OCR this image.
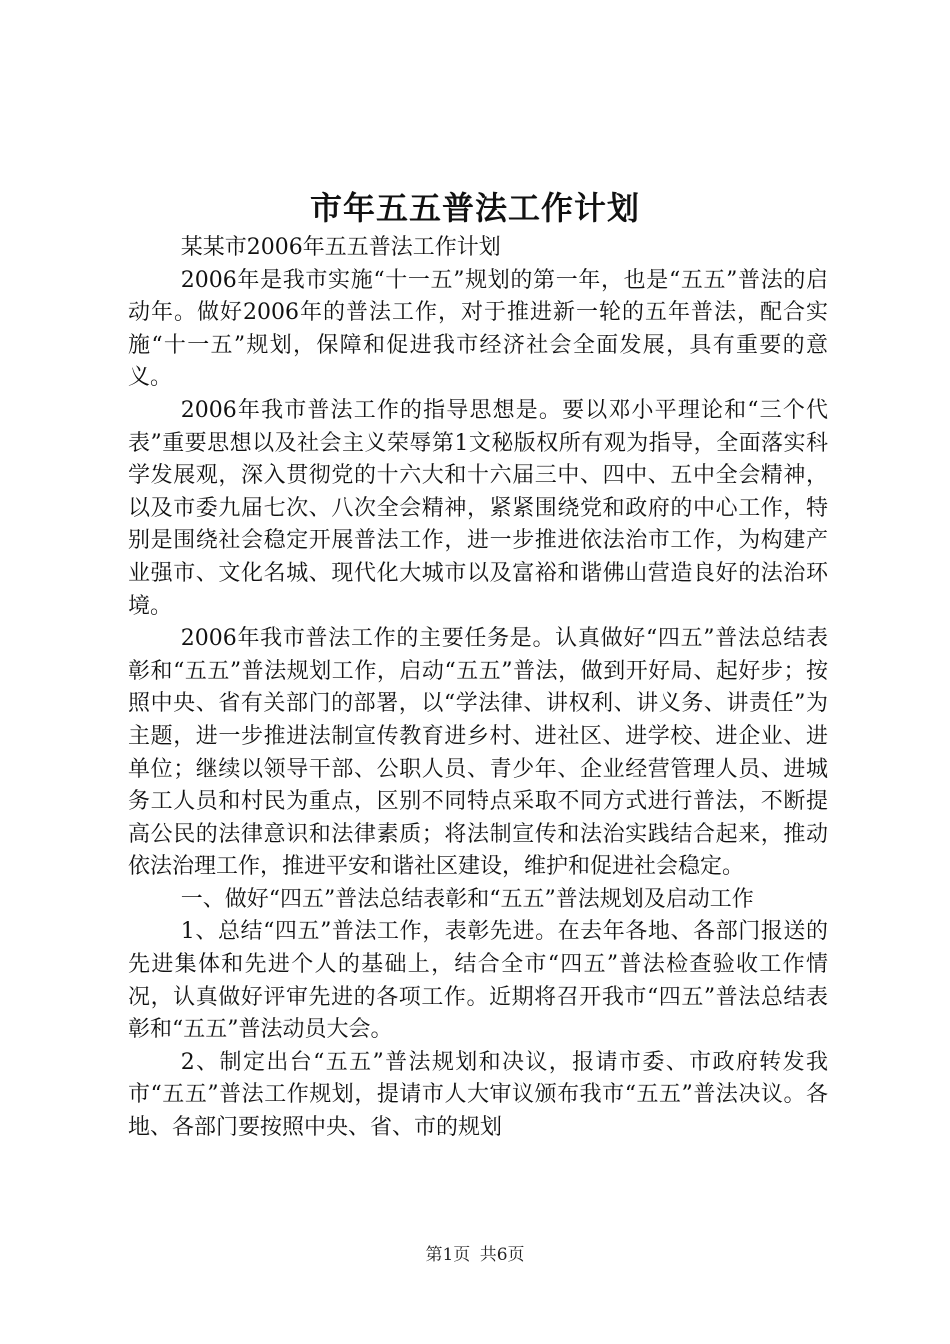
市年五五普法工作计划

某某市2006年五五普法工作计划

2006年是我市实施“十一五”规划的第一年，也是“五五”普法的启动年。做好2006年的普法工作，对于推进新一轮的五年普法，配合实施“十一五”规划，保障和促进我市经济社会全面发展，具有重要的意义。

2006年我市普法工作的指导思想是。要以邓小平理论和“三个代表”重要思想以及社会主义荣辱第1文秘版权所有观为指导，全面落实科学发展观，深入贯彻党的十六大和十六届三中、四中、五中全会精神，以及市委九届七次、八次全会精神，紧紧围绕党和政府的中心工作，特别是围绕社会稳定开展普法工作，进一步推进依法治市工作，为构建产业强市、文化名城、现代化大城市以及富裕和谐佛山营造良好的法治环境。

2006年我市普法工作的主要任务是。认真做好“四五”普法总结表彰和“五五”普法规划工作，启动“五五”普法，做到开好局、起好步；按照中央、省有关部门的部署，以“学法律、讲权利、讲义务、讲责任”为主题，进一步推进法制宣传教育进乡村、进社区、进学校、进企业、进单位；继续以领导干部、公职人员、青少年、企业经营管理人员、进城务工人员和村民为重点，区别不同特点采取不同方式进行普法，不断提高公民的法律意识和法律素质；将法制宣传和法治实践结合起来，推动依法治理工作，推进平安和谐社区建设，维护和促进社会稳定。

一、做好“四五”普法总结表彰和“五五”普法规划及启动工作

1、总结“四五”普法工作，表彰先进。在去年各地、各部门报送的先进集体和先进个人的基础上，结合全市“四五”普法检查验收工作情况，认真做好评审先进的各项工作。近期将召开我市“四五”普法总结表彰和“五五”普法动员大会。

2、制定出台“五五”普法规划和决议，报请市委、市政府转发我市“五五”普法工作规划，提请市人大审议颁布我市“五五”普法决议。各地、各部门要按照中央、省、市的规划

第1页 共6页
